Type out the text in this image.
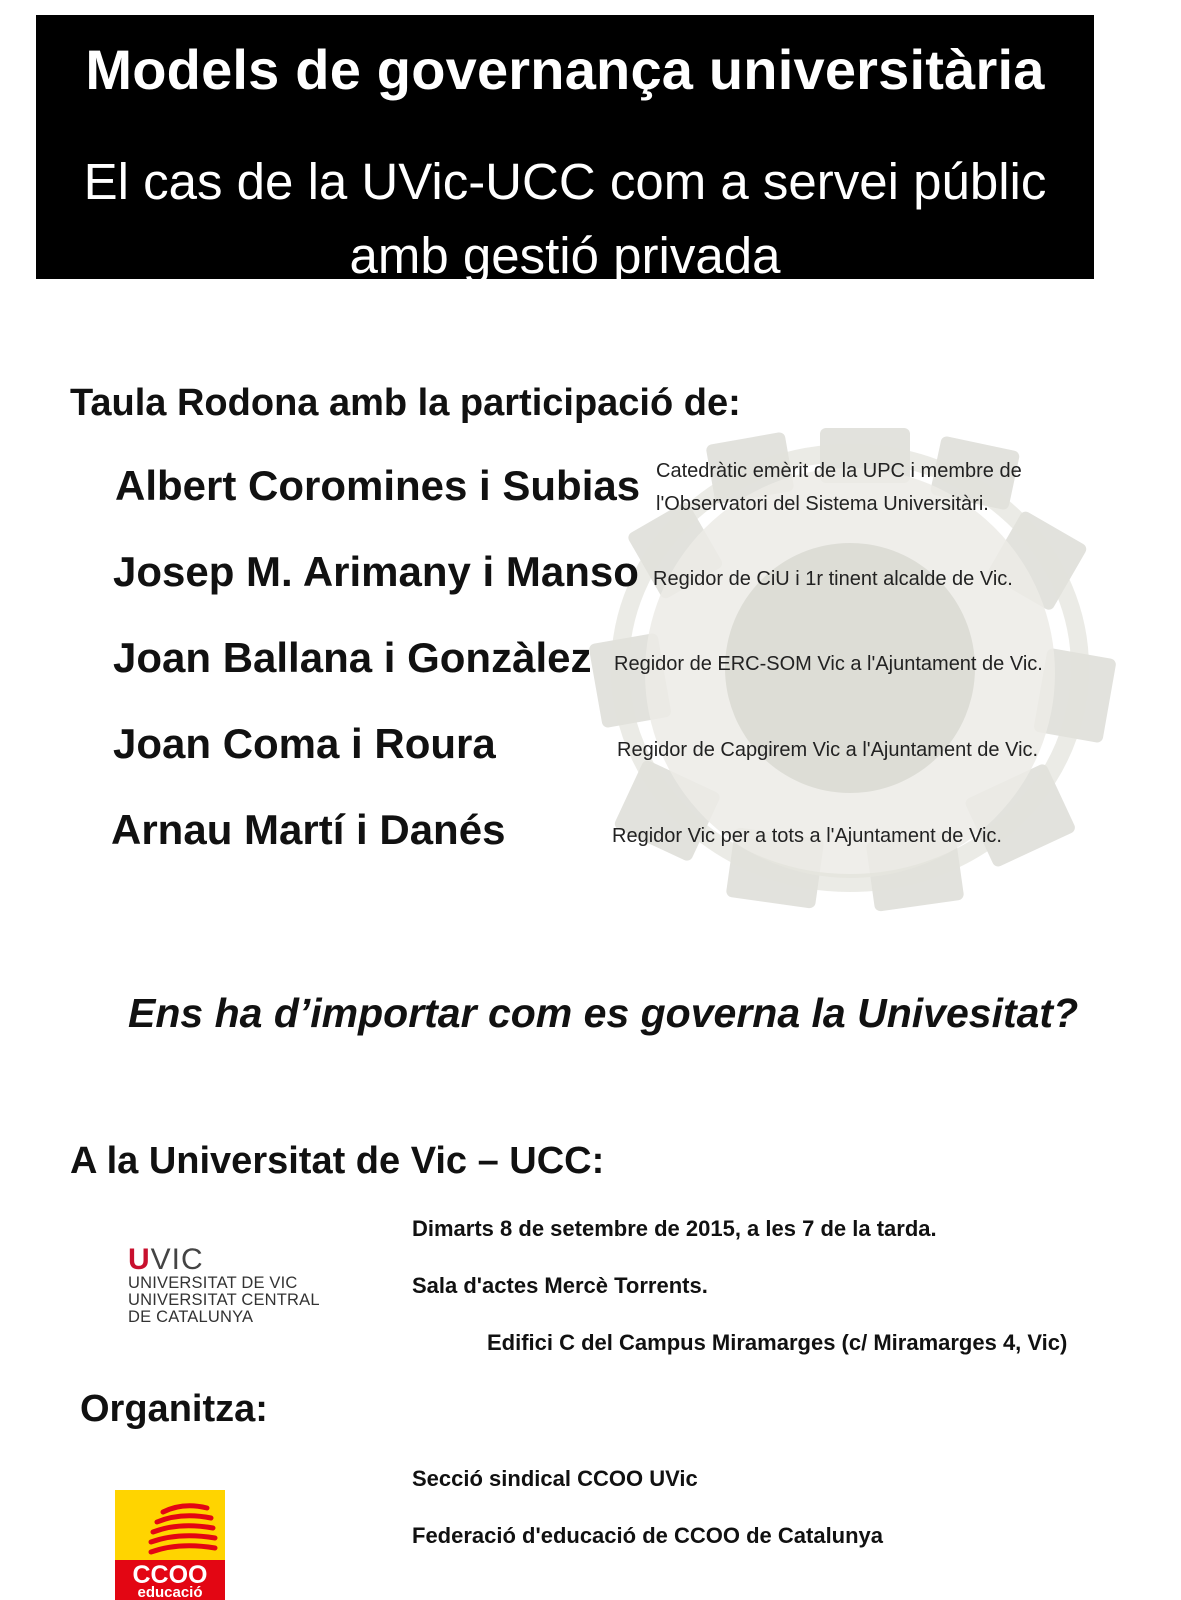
Models de governança universitària
El cas de la UVic-UCC com a servei públic
amb gestió privada
Taula Rodona amb la participació de:
Albert Coromines i Subias Catedràtic emèrit de la UPC i membre de
l'Observatori del Sistema Universitàri.
Josep M. Arimany i Manso Regidor de CiU i 1r tinent alcalde de Vic.
Joan Ballana i Gonzàlez Regidor de ERC-SOM Vic a l'Ajuntament de Vic.
Joan Coma i Roura	Regidor de Capgirem Vic a l'Ajuntament de Vic.
Arnau Martí i Danés	Regidor Vic per a tots a l'Ajuntament de Vic.
Ens ha d’importar com es governa la Univesitat?
A la Universitat de Vic – UCC:
UVIC
UNIVERSITAT DE VIC
UNIVERSITAT CENTRAL
DE CATALUNYA
Dimarts 8 de setembre de 2015, a les 7 de la tarda.
Sala d'actes Mercè Torrents.
Edifici C del Campus Miramarges (c/ Miramarges 4, Vic)
Organitza:
CCOO
educació
Secció sindical CCOO UVic
Federació d'educació de CCOO de Catalunya
